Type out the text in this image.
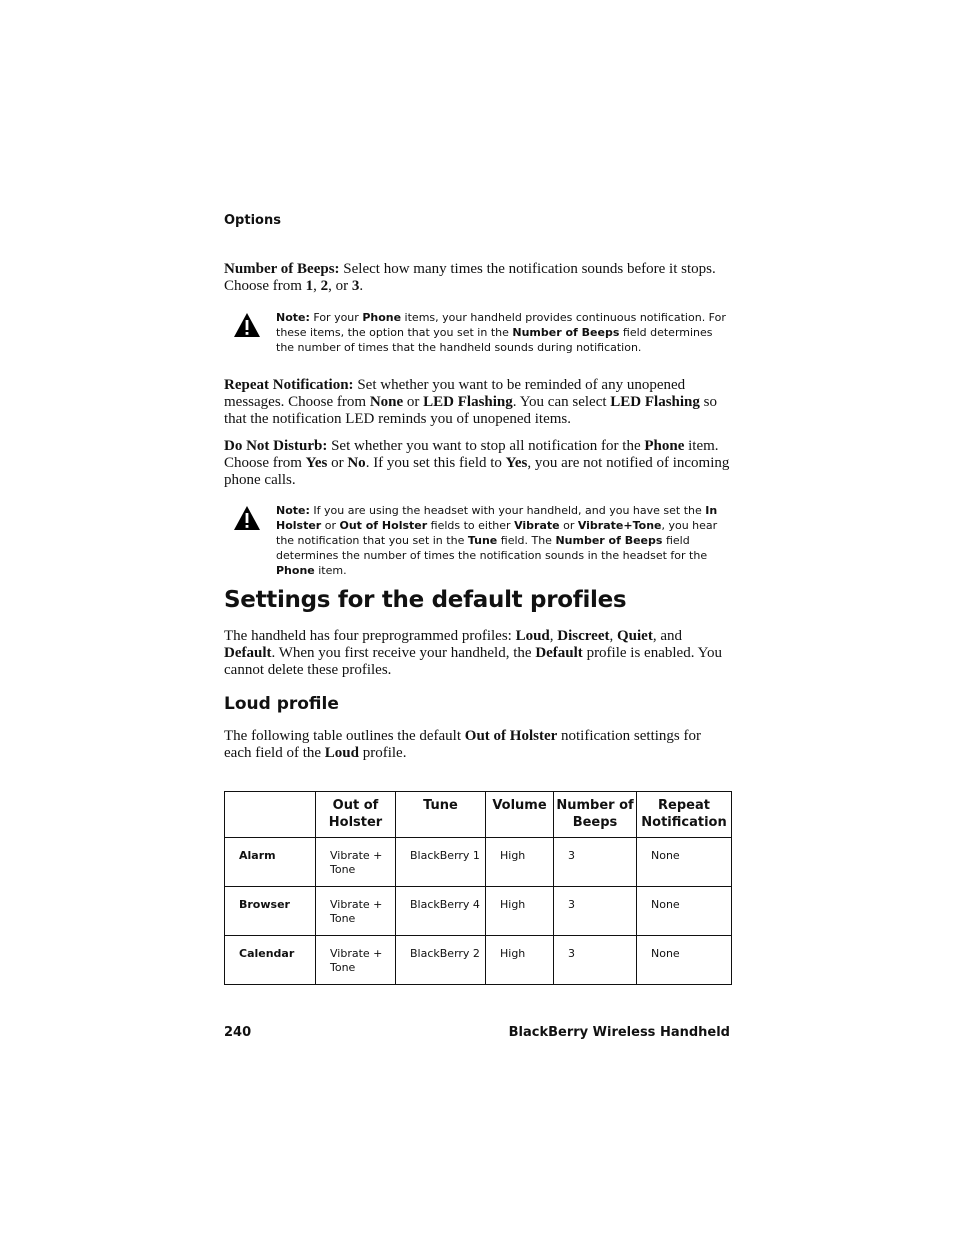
Options
Number of Beeps: Select how many times the notification sounds before it stops. Choose from 1, 2, or 3.
Note: For your Phone items, your handheld provides continuous notification. For these items, the option that you set in the Number of Beeps field determines the number of times that the handheld sounds during notification.
Repeat Notification: Set whether you want to be reminded of any unopened messages. Choose from None or LED Flashing. You can select LED Flashing so that the notification LED reminds you of unopened items.
Do Not Disturb: Set whether you want to stop all notification for the Phone item. Choose from Yes or No. If you set this field to Yes, you are not notified of incoming phone calls.
Note: If you are using the headset with your handheld, and you have set the In Holster or Out of Holster fields to either Vibrate or Vibrate+Tone, you hear the notification that you set in the Tune field. The Number of Beeps field determines the number of times the notification sounds in the headset for the Phone item.
Settings for the default profiles
The handheld has four preprogrammed profiles: Loud, Discreet, Quiet, and Default. When you first receive your handheld, the Default profile is enabled. You cannot delete these profiles.
Loud profile
The following table outlines the default Out of Holster notification settings for each field of the Loud profile.
	Out of Holster	Tune	Volume	Number of Beeps	Repeat Notification
Alarm	Vibrate + Tone	BlackBerry 1	High	3	None
Browser	Vibrate + Tone	BlackBerry 4	High	3	None
Calendar	Vibrate + Tone	BlackBerry 2	High	3	None
240	BlackBerry Wireless Handheld
